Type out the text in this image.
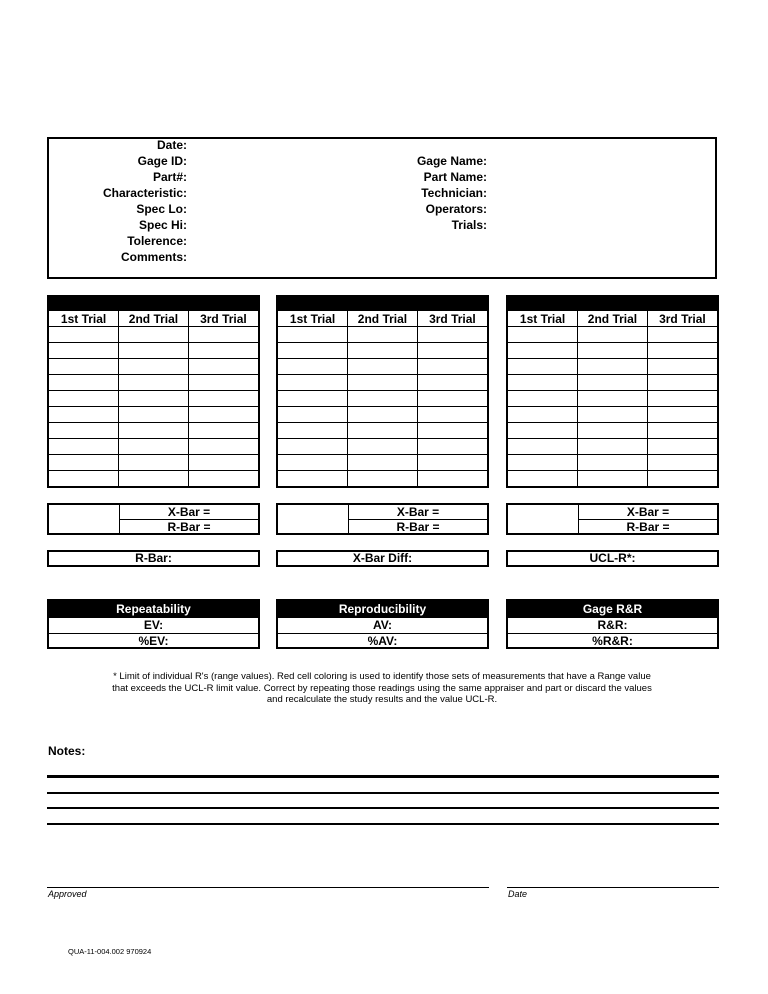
Date:
Gage ID:
Part#:
Characteristic:
Spec Lo:
Spec Hi:
Tolerence:
Comments:
Gage Name:
Part Name:
Technician:
Operators:
Trials:
1st Trial	2nd Trial	3rd Trial

			1st Trial	2nd Trial	3rd Trial

			1st Trial	2nd Trial	3rd Trial

X-Bar =
R-Bar =
X-Bar =
R-Bar =
X-Bar =
R-Bar =
R-Bar:	X-Bar Diff:	UCL-R*:
Repeatability
EV:
%EV:
Reproducibility
AV:
%AV:
Gage R&R
R&R:
%R&R:
* Limit of individual R's (range values). Red cell coloring is used to identify those sets of measurements that have a Range value that exceeds the UCL-R limit value. Correct by repeating those readings using the same appraiser and part or discard the values and recalculate the study results and the value UCL-R.
Notes:
Approved	Date
QUA-11-004.002 970924
